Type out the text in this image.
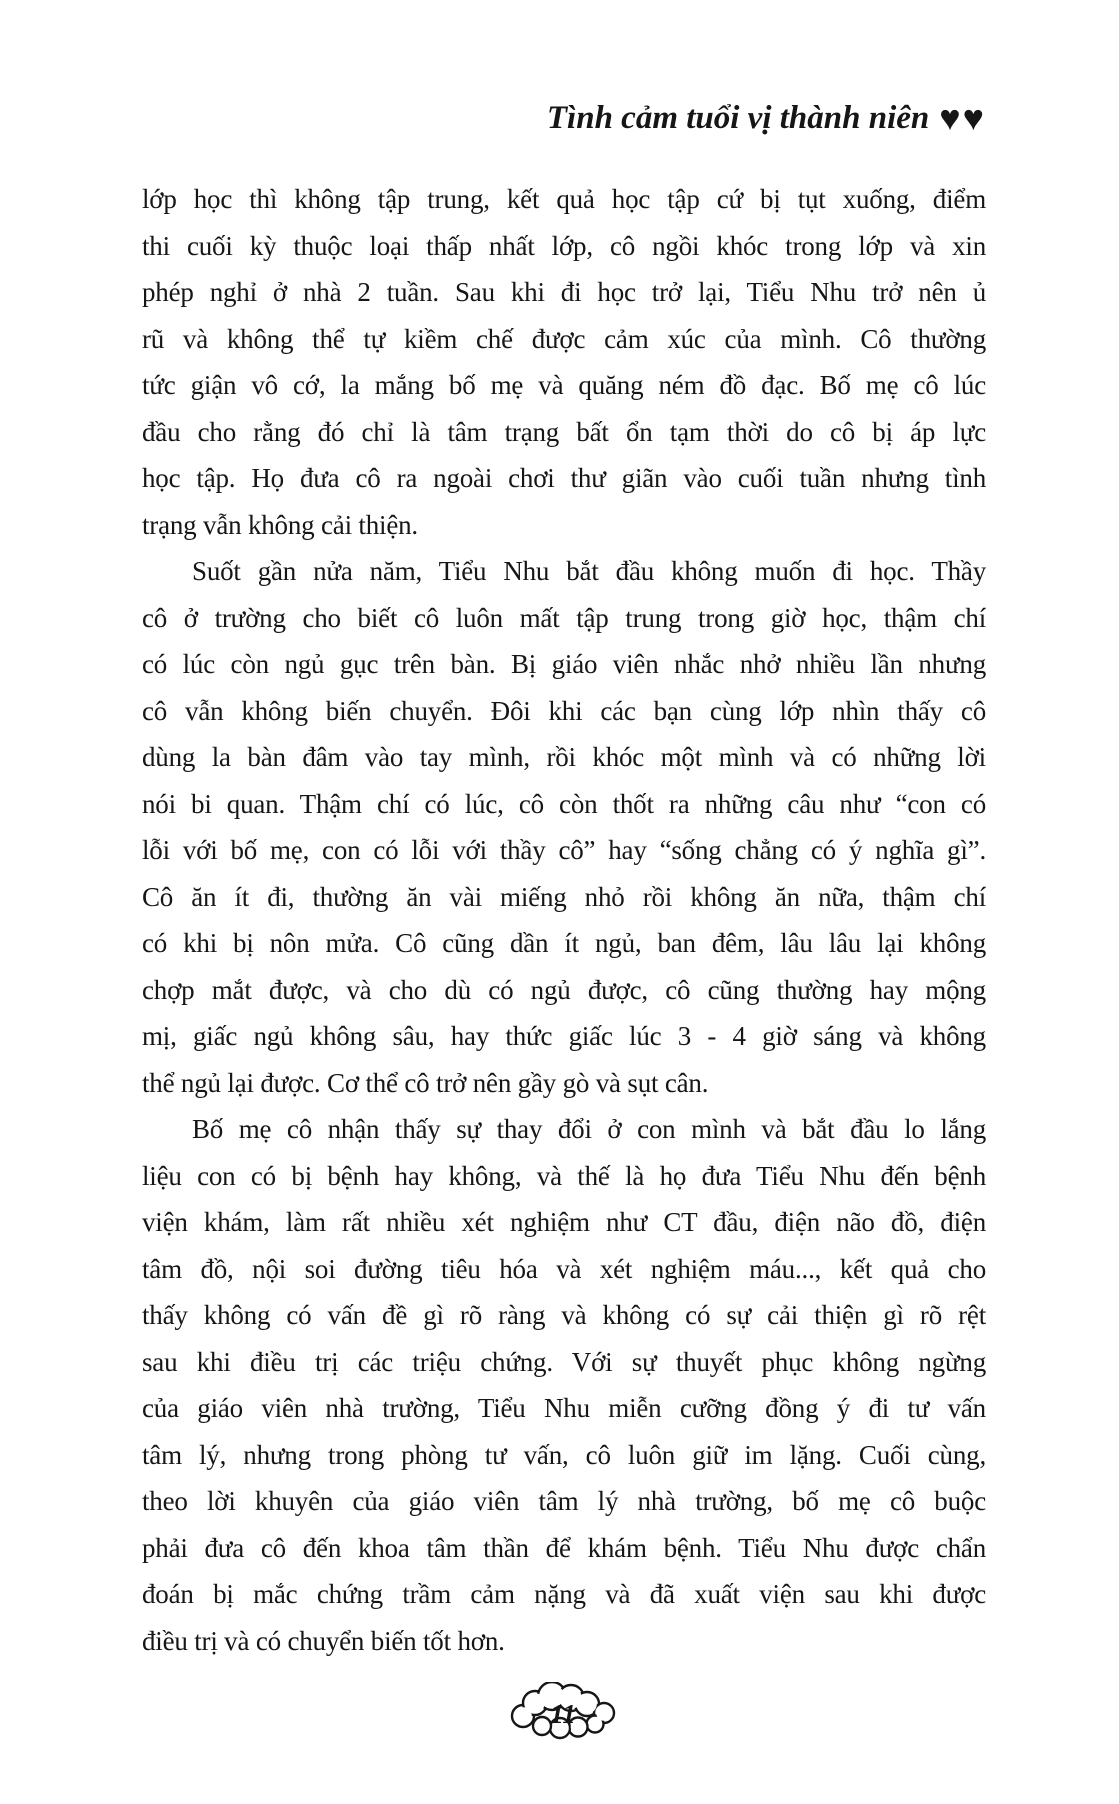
Tình cảm tuổi vị thành niên ♥♥
lớp học thì không tập trung, kết quả học tập cứ bị tụt xuống, điểm
thi cuối kỳ thuộc loại thấp nhất lớp, cô ngồi khóc trong lớp và xin
phép nghỉ ở nhà 2 tuần. Sau khi đi học trở lại, Tiểu Nhu trở nên ủ
rũ và không thể tự kiềm chế được cảm xúc của mình. Cô thường
tức giận vô cớ, la mắng bố mẹ và quăng ném đồ đạc. Bố mẹ cô lúc
đầu cho rằng đó chỉ là tâm trạng bất ổn tạm thời do cô bị áp lực
học tập. Họ đưa cô ra ngoài chơi thư giãn vào cuối tuần nhưng tình
trạng vẫn không cải thiện.
Suốt gần nửa năm, Tiểu Nhu bắt đầu không muốn đi học. Thầy
cô ở trường cho biết cô luôn mất tập trung trong giờ học, thậm chí
có lúc còn ngủ gục trên bàn. Bị giáo viên nhắc nhở nhiều lần nhưng
cô vẫn không biến chuyển. Đôi khi các bạn cùng lớp nhìn thấy cô
dùng la bàn đâm vào tay mình, rồi khóc một mình và có những lời
nói bi quan. Thậm chí có lúc, cô còn thốt ra những câu như “con có
lỗi với bố mẹ, con có lỗi với thầy cô” hay “sống chẳng có ý nghĩa gì”.
Cô ăn ít đi, thường ăn vài miếng nhỏ rồi không ăn nữa, thậm chí
có khi bị nôn mửa. Cô cũng dần ít ngủ, ban đêm, lâu lâu lại không
chợp mắt được, và cho dù có ngủ được, cô cũng thường hay mộng
mị, giấc ngủ không sâu, hay thức giấc lúc 3 - 4 giờ sáng và không
thể ngủ lại được. Cơ thể cô trở nên gầy gò và sụt cân.
Bố mẹ cô nhận thấy sự thay đổi ở con mình và bắt đầu lo lắng
liệu con có bị bệnh hay không, và thế là họ đưa Tiểu Nhu đến bệnh
viện khám, làm rất nhiều xét nghiệm như CT đầu, điện não đồ, điện
tâm đồ, nội soi đường tiêu hóa và xét nghiệm máu..., kết quả cho
thấy không có vấn đề gì rõ ràng và không có sự cải thiện gì rõ rệt
sau khi điều trị các triệu chứng. Với sự thuyết phục không ngừng
của giáo viên nhà trường, Tiểu Nhu miễn cưỡng đồng ý đi tư vấn
tâm lý, nhưng trong phòng tư vấn, cô luôn giữ im lặng. Cuối cùng,
theo lời khuyên của giáo viên tâm lý nhà trường, bố mẹ cô buộc
phải đưa cô đến khoa tâm thần để khám bệnh. Tiểu Nhu được chẩn
đoán bị mắc chứng trầm cảm nặng và đã xuất viện sau khi được
điều trị và có chuyển biến tốt hơn.
11
